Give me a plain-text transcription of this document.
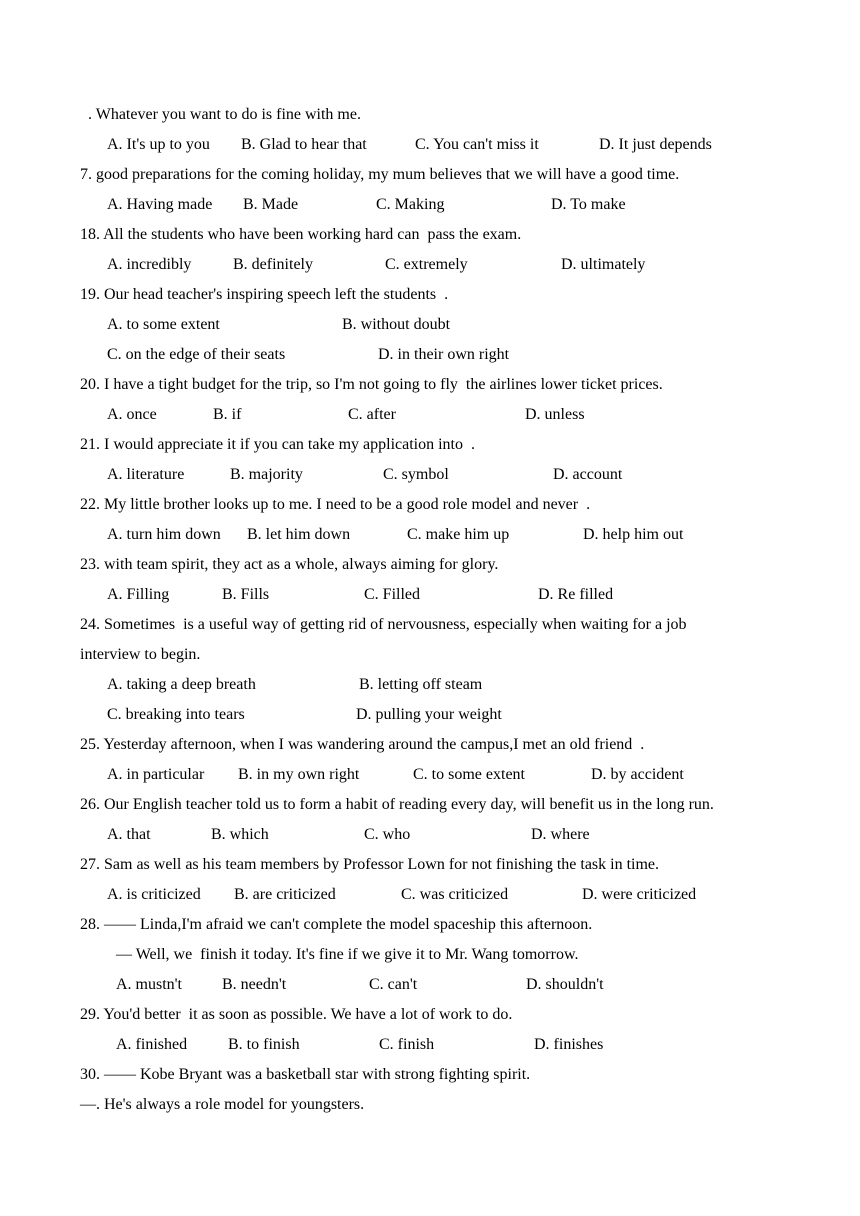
. Whatever you want to do is fine with me.
A. It's up to you B. Glad to hear that	C. You can't miss it	D. It just depends
7. good preparations for the coming holiday, my mum believes that we will have a good time.
A. Having made B. Made	C. Making	D. To make
18. All the students who have been working hard can  pass the exam.
A. incredibly	B. definitely	C. extremely	D. ultimately
19. Our head teacher's inspiring speech left the students  .
A. to some extent	B. without doubt
C. on the edge of their seats	D. in their own right
20. I have a tight budget for the trip, so I'm not going to fly  the airlines lower ticket prices.
A. once	B. if	C. after	D. unless
21. I would appreciate it if you can take my application into  .
A. literature	B. majority	C. symbol	D. account
22. My little brother looks up to me. I need to be a good role model and never  .
A. turn him down B. let him down	C. make him up	D. help him out
23. with team spirit, they act as a whole, always aiming for glory.
A. Filling	B. Fills	C. Filled	D. Re filled
24. Sometimes  is a useful way of getting rid of nervousness, especially when waiting for a job
interview to begin.
A. taking a deep breath	B. letting off steam
C. breaking into tears	D. pulling your weight
25. Yesterday afternoon, when I was wandering around the campus,I met an old friend  .
A. in particular B. in my own right	C. to some extent	D. by accident
26. Our English teacher told us to form a habit of reading every day, will benefit us in the long run.
A. that	B. which	C. who	D. where
27. Sam as well as his team members by Professor Lown for not finishing the task in time.
A. is criticized B. are criticized	C. was criticized	D. were criticized
28. —— Linda,I'm afraid we can't complete the model spaceship this afternoon.
— Well, we  finish it today. It's fine if we give it to Mr. Wang tomorrow.
A. mustn't	B. needn't	C. can't	D. shouldn't
29. You'd better  it as soon as possible. We have a lot of work to do.
A. finished	B. to finish	C. finish	D. finishes
30. —— Kobe Bryant was a basketball star with strong fighting spirit.
—. He's always a role model for youngsters.
